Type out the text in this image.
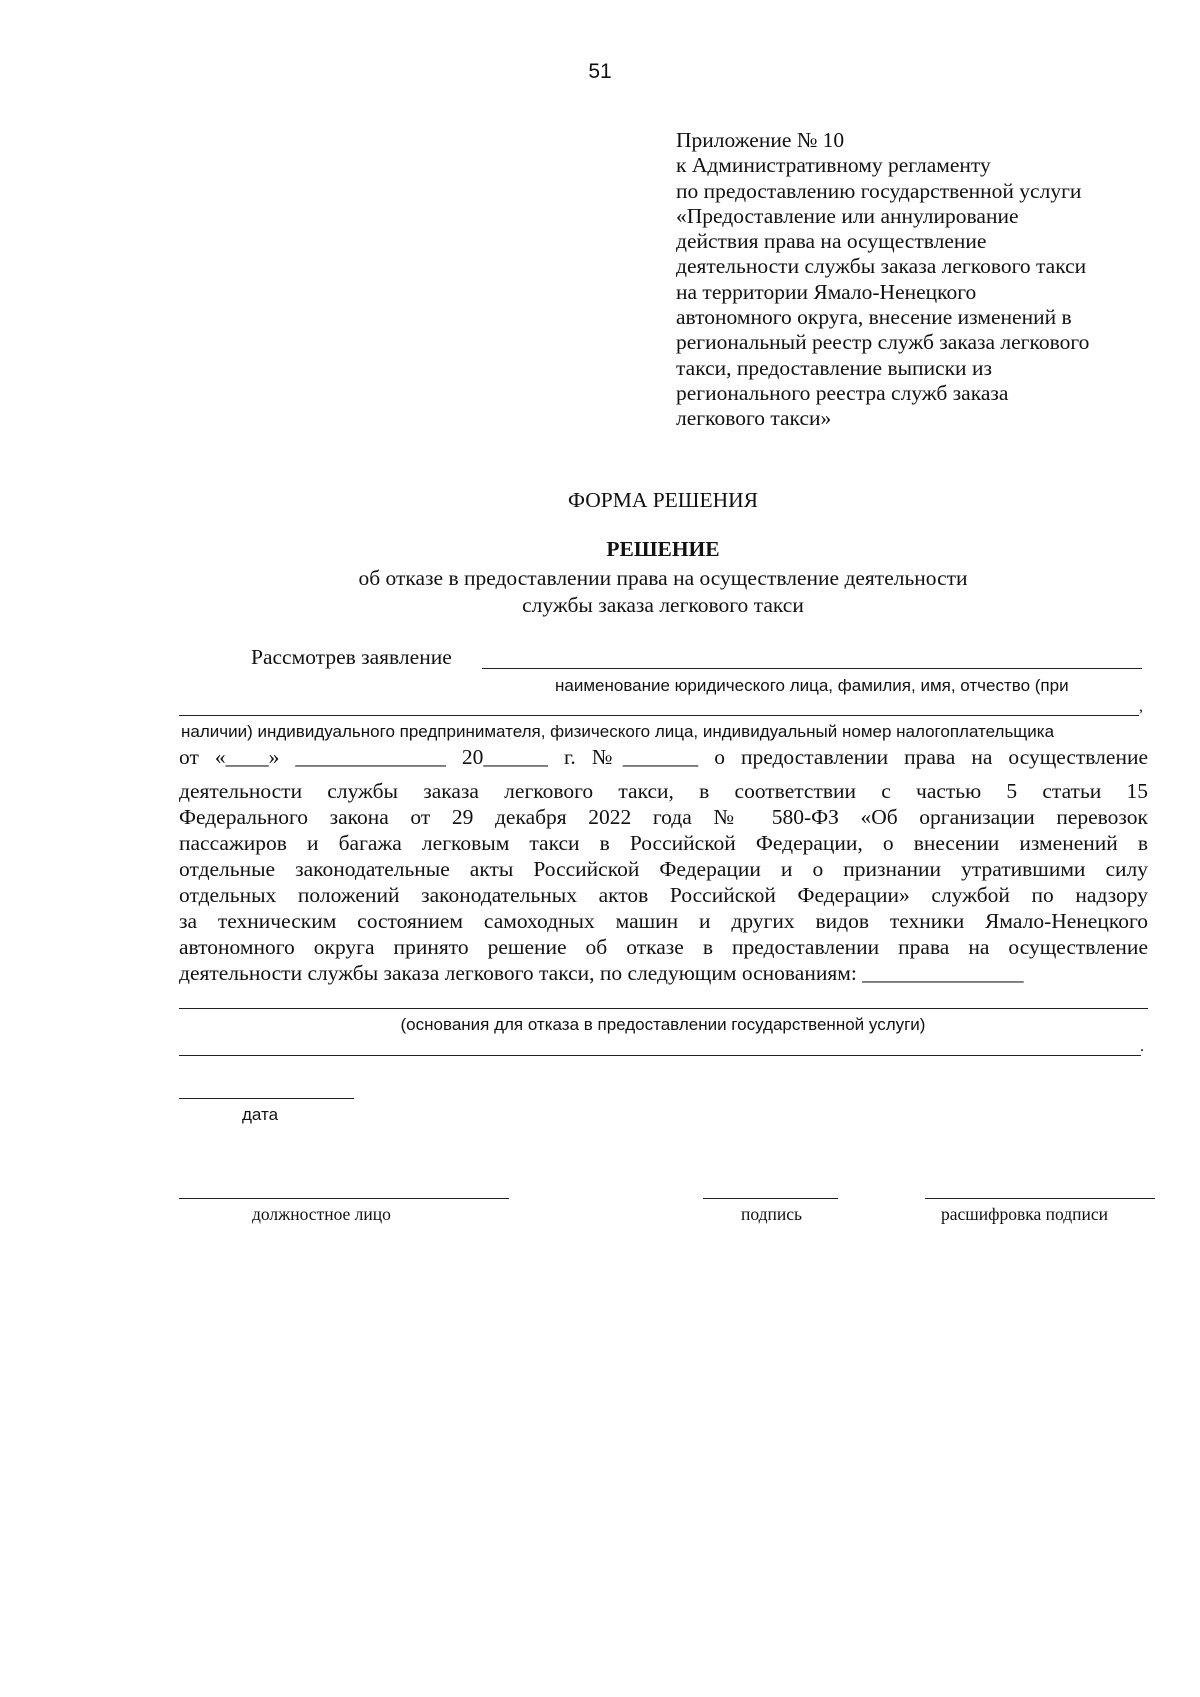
51
Приложение № 10
к Административному регламенту
по предоставлению государственной услуги
«Предоставление или аннулирование
действия права на осуществление
деятельности службы заказа легкового такси
на территории Ямало-Ненецкого
автономного округа, внесение изменений в
региональный реестр служб заказа легкового
такси, предоставление выписки из
регионального реестра служб заказа
легкового такси»
ФОРМА РЕШЕНИЯ
РЕШЕНИЕ
об отказе в предоставлении права на осуществление деятельности
службы заказа легкового такси
Рассмотрев заявление
наименование юридического лица, фамилия, имя, отчество (при
,
наличии) индивидуального предпринимателя, физического лица, индивидуальный номер налогоплательщика
от «____» ______________ 20______ г. №_______ о предоставлении права на осуществление
деятельности службы заказа легкового такси, в соответствии с частью 5 статьи 15
Федерального закона от 29 декабря 2022 года № 580-ФЗ «Об организации перевозок
пассажиров и багажа легковым такси в Российской Федерации, о внесении изменений в
отдельные законодательные акты Российской Федерации и о признании утратившими силу
отдельных положений законодательных актов Российской Федерации» службой по надзору
за техническим состоянием самоходных машин и других видов техники Ямало-Ненецкого
автономного округа принято решение об отказе в предоставлении права на осуществление
деятельности службы заказа легкового такси, по следующим основаниям: _______________
(основания для отказа в предоставлении государственной услуги)
.
дата
должностное лицо	подпись	расшифровка подписи
